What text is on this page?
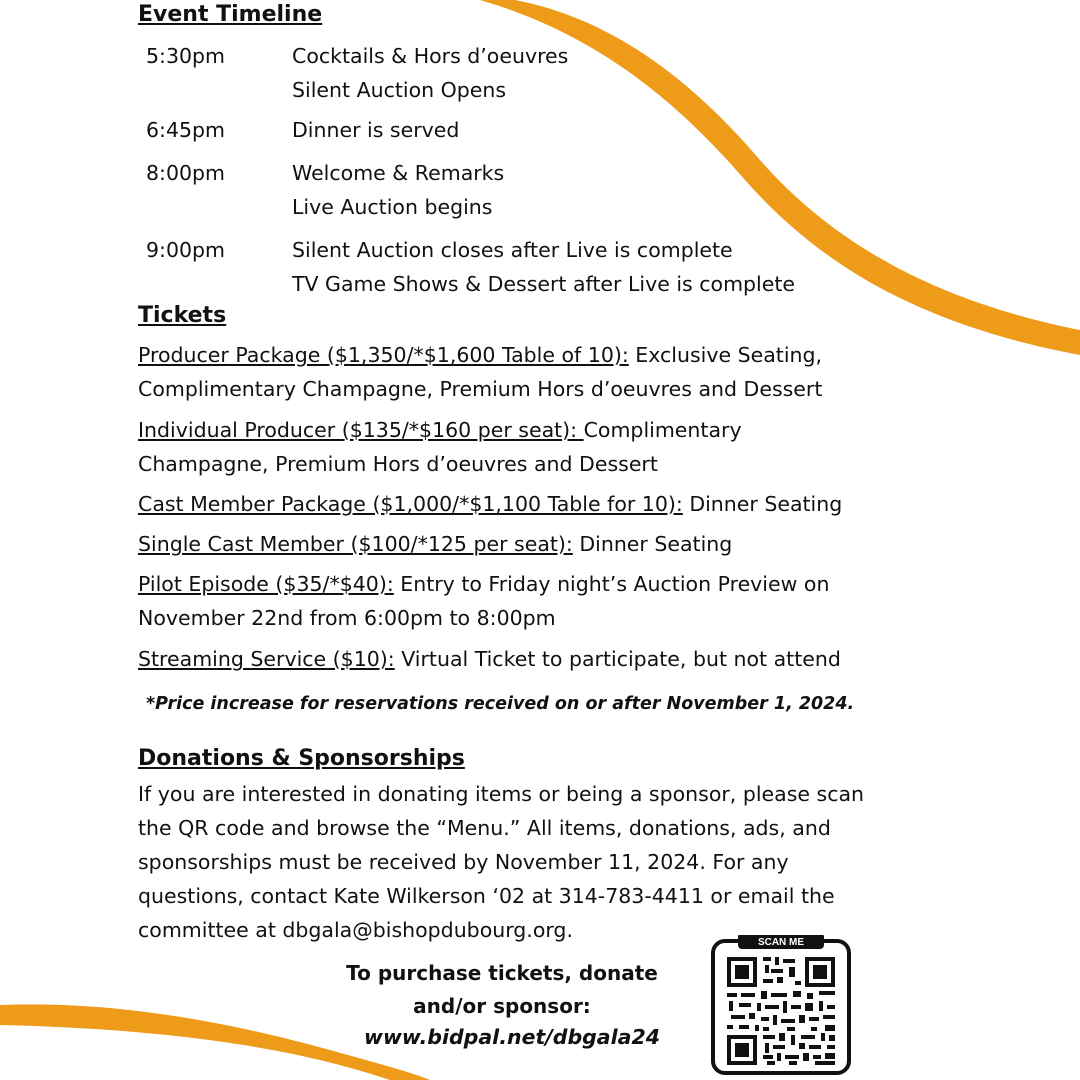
Event Timeline
5:30pm	Cocktails & Hors d’oeuvres
Silent Auction Opens
6:45pm	Dinner is served
8:00pm	Welcome & Remarks
Live Auction begins
9:00pm	Silent Auction closes after Live is complete
TV Game Shows & Dessert after Live is complete
Tickets
Producer Package ($1,350/*$1,600 Table of 10): Exclusive Seating,
Complimentary Champagne, Premium Hors d’oeuvres and Dessert
Individual Producer ($135/*$160 per seat): Complimentary
Champagne, Premium Hors d’oeuvres and Dessert
Cast Member Package ($1,000/*$1,100 Table for 10): Dinner Seating
Single Cast Member ($100/*125 per seat): Dinner Seating
Pilot Episode ($35/*$40): Entry to Friday night’s Auction Preview on
November 22nd from 6:00pm to 8:00pm
Streaming Service ($10): Virtual Ticket to participate, but not attend
*Price increase for reservations received on or after November 1, 2024.
Donations & Sponsorships
If you are interested in donating items or being a sponsor, please scan
the QR code and browse the “Menu.” All items, donations, ads, and
sponsorships must be received by November 11, 2024. For any
questions, contact Kate Wilkerson ‘02 at 314-783-4411 or email the
committee at dbgala@bishopdubourg.org.
To purchase tickets, donate
and/or sponsor:
www.bidpal.net/dbgala24
SCAN ME
